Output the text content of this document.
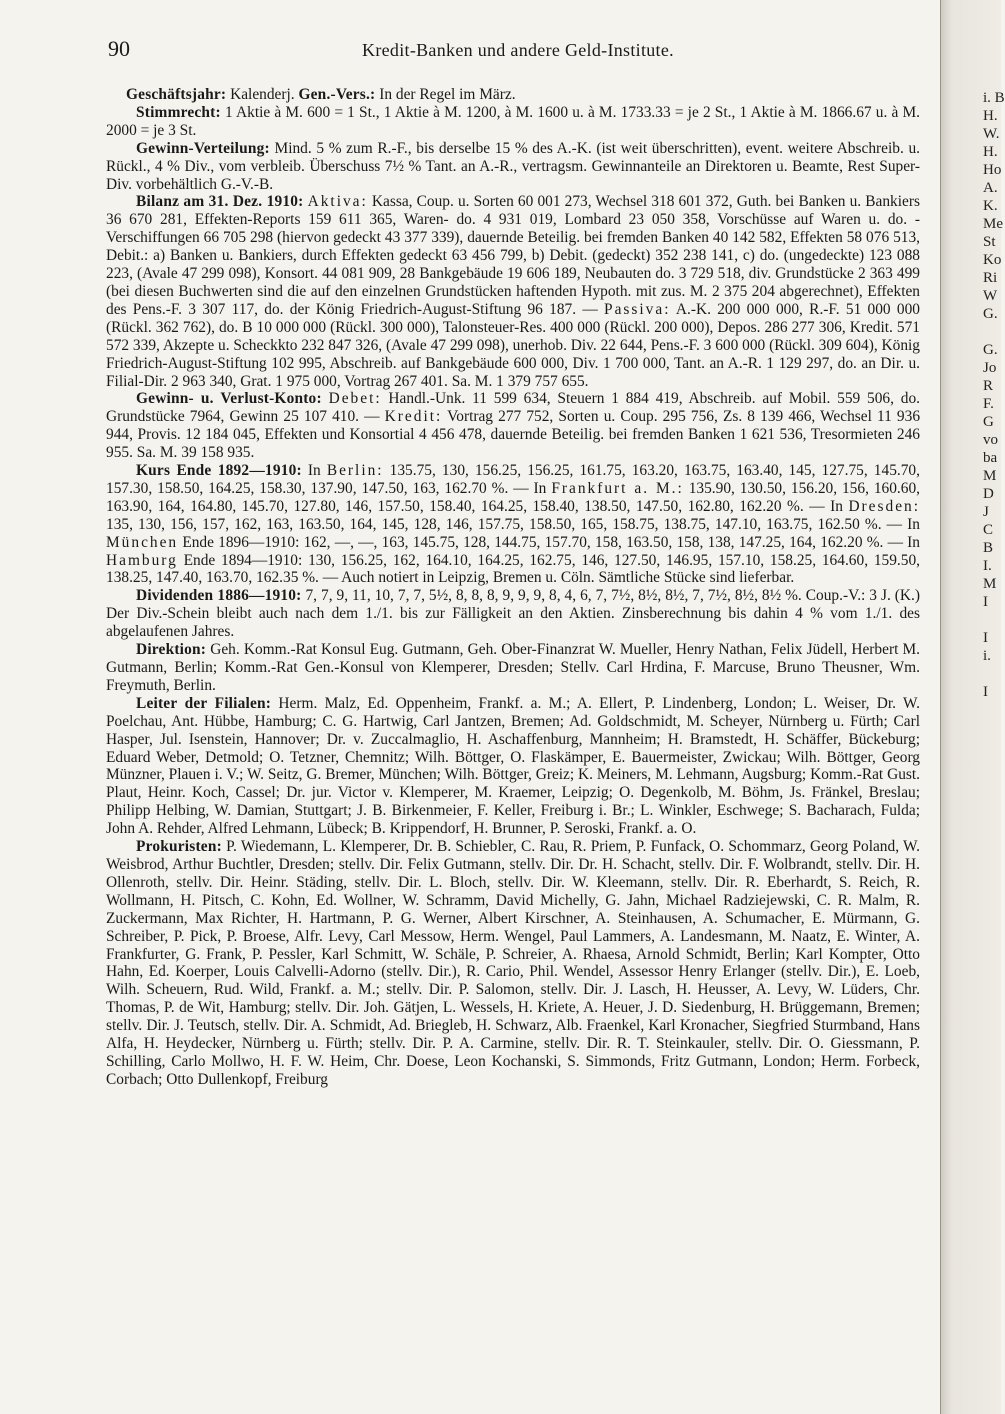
90	Kredit-Banken und andere Geld-Institute.

Geschäftsjahr: Kalenderj. Gen.-Vers.: In der Regel im März.

Stimmrecht: 1 Aktie à M. 600 = 1 St., 1 Aktie à M. 1200, à M. 1600 u. à M. 1733.33 = je 2 St., 1 Aktie à M. 1866.67 u. à M. 2000 = je 3 St.

Gewinn-Verteilung: Mind. 5 % zum R.-F., bis derselbe 15 % des A.-K. (ist weit überschritten), event. weitere Abschreib. u. Rückl., 4 % Div., vom verbleib. Überschuss 7½ % Tant. an A.-R., vertragsm. Gewinnanteile an Direktoren u. Beamte, Rest Super-Div. vorbehältlich G.-V.-B.

Bilanz am 31. Dez. 1910: Aktiva: Kassa, Coup. u. Sorten 60 001 273, Wechsel 318 601 372, Guth. bei Banken u. Bankiers 36 670 281, Effekten-Reports 159 611 365, Waren- do. 4 931 019, Lombard 23 050 358, Vorschüsse auf Waren u. do. -Verschiffungen 66 705 298 (hiervon gedeckt 43 377 339), dauernde Beteilig. bei fremden Banken 40 142 582, Effekten 58 076 513, Debit.: a) Banken u. Bankiers, durch Effekten gedeckt 63 456 799, b) Debit. (gedeckt) 352 238 141, c) do. (ungedeckte) 123 088 223, (Avale 47 299 098), Konsort. 44 081 909, 28 Bankgebäude 19 606 189, Neubauten do. 3 729 518, div. Grundstücke 2 363 499 (bei diesen Buchwerten sind die auf den einzelnen Grundstücken haftenden Hypoth. mit zus. M. 2 375 204 abgerechnet), Effekten des Pens.-F. 3 307 117, do. der König Friedrich-August-Stiftung 96 187. — Passiva: A.-K. 200 000 000, R.-F. 51 000 000 (Rückl. 362 762), do. B 10 000 000 (Rückl. 300 000), Talonsteuer-Res. 400 000 (Rückl. 200 000), Depos. 286 277 306, Kredit. 571 572 339, Akzepte u. Scheckkto 232 847 326, (Avale 47 299 098), unerhob. Div. 22 644, Pens.-F. 3 600 000 (Rückl. 309 604), König Friedrich-August-Stiftung 102 995, Abschreib. auf Bankgebäude 600 000, Div. 1 700 000, Tant. an A.-R. 1 129 297, do. an Dir. u. Filial-Dir. 2 963 340, Grat. 1 975 000, Vortrag 267 401. Sa. M. 1 379 757 655.

Gewinn- u. Verlust-Konto: Debet: Handl.-Unk. 11 599 634, Steuern 1 884 419, Abschreib. auf Mobil. 559 506, do. Grundstücke 7964, Gewinn 25 107 410. — Kredit: Vortrag 277 752, Sorten u. Coup. 295 756, Zs. 8 139 466, Wechsel 11 936 944, Provis. 12 184 045, Effekten und Konsortial 4 456 478, dauernde Beteilig. bei fremden Banken 1 621 536, Tresormieten 246 955. Sa. M. 39 158 935.

Kurs Ende 1892—1910: In Berlin: 135.75, 130, 156.25, 156.25, 161.75, 163.20, 163.75, 163.40, 145, 127.75, 145.70, 157.30, 158.50, 164.25, 158.30, 137.90, 147.50, 163, 162.70 %. — In Frankfurt a. M.: 135.90, 130.50, 156.20, 156, 160.60, 163.90, 164, 164.80, 145.70, 127.80, 146, 157.50, 158.40, 164.25, 158.40, 138.50, 147.50, 162.80, 162.20 %. — In Dresden: 135, 130, 156, 157, 162, 163, 163.50, 164, 145, 128, 146, 157.75, 158.50, 165, 158.75, 138.75, 147.10, 163.75, 162.50 %. — In München Ende 1896—1910: 162, —, —, 163, 145.75, 128, 144.75, 157.70, 158, 163.50, 158, 138, 147.25, 164, 162.20 %. — In Hamburg Ende 1894—1910: 130, 156.25, 162, 164.10, 164.25, 162.75, 146, 127.50, 146.95, 157.10, 158.25, 164.60, 159.50, 138.25, 147.40, 163.70, 162.35 %. — Auch notiert in Leipzig, Bremen u. Cöln. Sämtliche Stücke sind lieferbar.

Dividenden 1886—1910: 7, 7, 9, 11, 10, 7, 7, 5½, 8, 8, 8, 9, 9, 9, 8, 4, 6, 7, 7½, 8½, 8½, 7, 7½, 8½, 8½ %. Coup.-V.: 3 J. (K.) Der Div.-Schein bleibt auch nach dem 1./1. bis zur Fälligkeit an den Aktien. Zinsberechnung bis dahin 4 % vom 1./1. des abgelaufenen Jahres.

Direktion: Geh. Komm.-Rat Konsul Eug. Gutmann, Geh. Ober-Finanzrat W. Mueller, Henry Nathan, Felix Jüdell, Herbert M. Gutmann, Berlin; Komm.-Rat Gen.-Konsul von Klemperer, Dresden; Stellv. Carl Hrdina, F. Marcuse, Bruno Theusner, Wm. Freymuth, Berlin.

Leiter der Filialen: Herm. Malz, Ed. Oppenheim, Frankf. a. M.; A. Ellert, P. Lindenberg, London; L. Weiser, Dr. W. Poelchau, Ant. Hübbe, Hamburg; C. G. Hartwig, Carl Jantzen, Bremen; Ad. Goldschmidt, M. Scheyer, Nürnberg u. Fürth; Carl Hasper, Jul. Isenstein, Hannover; Dr. v. Zuccalmaglio, H. Aschaffenburg, Mannheim; H. Bramstedt, H. Schäffer, Bückeburg; Eduard Weber, Detmold; O. Tetzner, Chemnitz; Wilh. Böttger, O. Flaskämper, E. Bauermeister, Zwickau; Wilh. Böttger, Georg Münzner, Plauen i. V.; W. Seitz, G. Bremer, München; Wilh. Böttger, Greiz; K. Meiners, M. Lehmann, Augsburg; Komm.-Rat Gust. Plaut, Heinr. Koch, Cassel; Dr. jur. Victor v. Klemperer, M. Kraemer, Leipzig; O. Degenkolb, M. Böhm, Js. Fränkel, Breslau; Philipp Helbing, W. Damian, Stuttgart; J. B. Birkenmeier, F. Keller, Freiburg i. Br.; L. Winkler, Eschwege; S. Bacharach, Fulda; John A. Rehder, Alfred Lehmann, Lübeck; B. Krippendorf, H. Brunner, P. Seroski, Frankf. a. O.

Prokuristen: P. Wiedemann, L. Klemperer, Dr. B. Schiebler, C. Rau, R. Priem, P. Funfack, O. Schommarz, Georg Poland, W. Weisbrod, Arthur Buchtler, Dresden; stellv. Dir. Felix Gutmann, stellv. Dir. Dr. H. Schacht, stellv. Dir. F. Wolbrandt, stellv. Dir. H. Ollenroth, stellv. Dir. Heinr. Städing, stellv. Dir. L. Bloch, stellv. Dir. W. Kleemann, stellv. Dir. R. Eberhardt, S. Reich, R. Wollmann, H. Pitsch, C. Kohn, Ed. Wollner, W. Schramm, David Michelly, G. Jahn, Michael Radziejewski, C. R. Malm, R. Zuckermann, Max Richter, H. Hartmann, P. G. Werner, Albert Kirschner, A. Steinhausen, A. Schumacher, E. Mürmann, G. Schreiber, P. Pick, P. Broese, Alfr. Levy, Carl Messow, Herm. Wengel, Paul Lammers, A. Landesmann, M. Naatz, E. Winter, A. Frankfurter, G. Frank, P. Pessler, Karl Schmitt, W. Schäle, P. Schreier, A. Rhaesa, Arnold Schmidt, Berlin; Karl Kompter, Otto Hahn, Ed. Koerper, Louis Calvelli-Adorno (stellv. Dir.), R. Cario, Phil. Wendel, Assessor Henry Erlanger (stellv. Dir.), E. Loeb, Wilh. Scheuern, Rud. Wild, Frankf. a. M.; stellv. Dir. P. Salomon, stellv. Dir. J. Lasch, H. Heusser, A. Levy, W. Lüders, Chr. Thomas, P. de Wit, Hamburg; stellv. Dir. Joh. Gätjen, L. Wessels, H. Kriete, A. Heuer, J. D. Siedenburg, H. Brüggemann, Bremen; stellv. Dir. J. Teutsch, stellv. Dir. A. Schmidt, Ad. Briegleb, H. Schwarz, Alb. Fraenkel, Karl Kronacher, Siegfried Sturmband, Hans Alfa, H. Heydecker, Nürnberg u. Fürth; stellv. Dir. P. A. Carmine, stellv. Dir. R. T. Steinkauler, stellv. Dir. O. Giessmann, P. Schilling, Carlo Mollwo, H. F. W. Heim, Chr. Doese, Leon Kochanski, S. Simmonds, Fritz Gutmann, London; Herm. Forbeck, Corbach; Otto Dullenkopf, Freiburg

i. B
H.
W.
H.
Ho
A.
K.
Me
St
Ko
Ri
W
G.
G.
Jo
R
F.
G
vo
ba
M
D
J
C
B
I.
M
I
I
i.
I
